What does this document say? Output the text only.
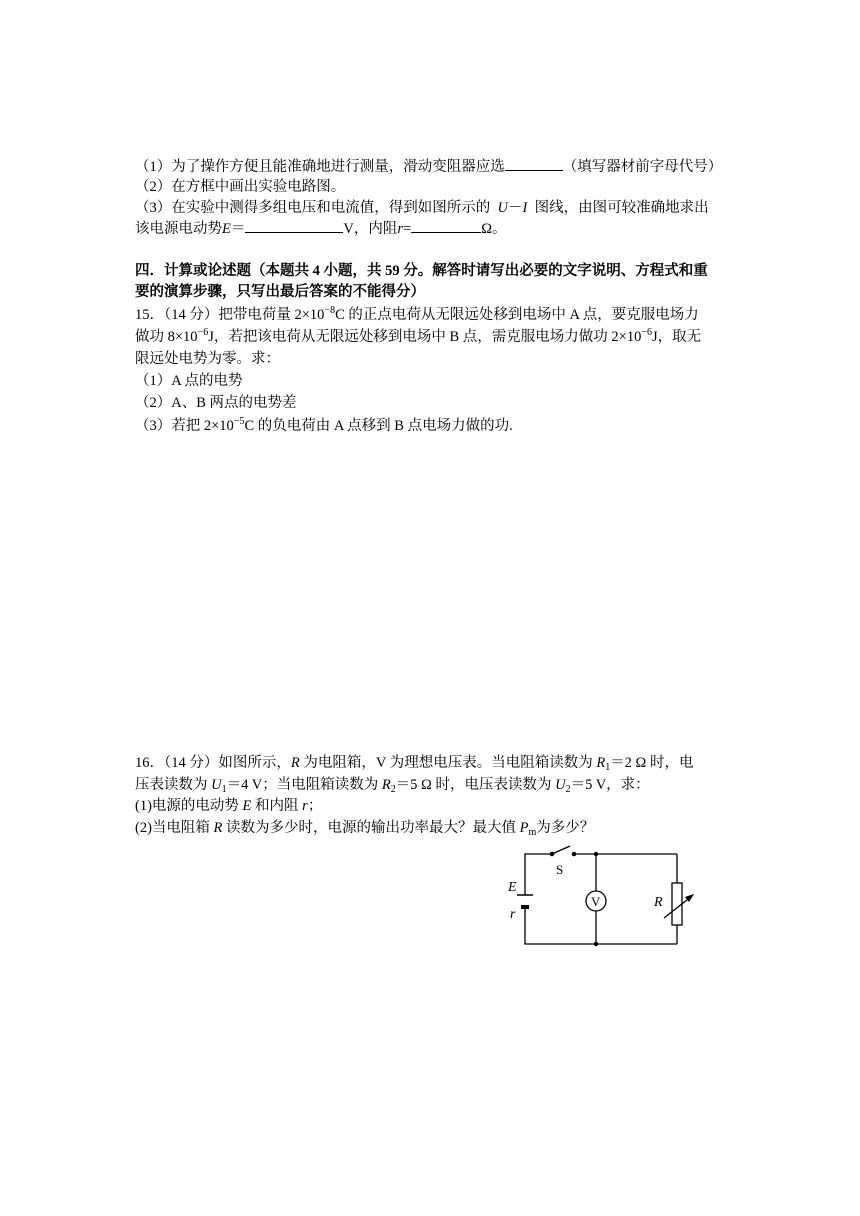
（1）为了操作方便且能准确地进行测量，滑动变阻器应选	（填写器材前字母代号）
（2）在方框中画出实验电路图。
（3）在实验中测得多组电压和电流值，得到如图所示的 U－I 图线，由图可较准确地求出
该电源电动势E＝	V，内阻r=	Ω。
四．计算或论述题（本题共 4 小题，共 59 分。解答时请写出必要的文字说明、方程式和重
要的演算步骤，只写出最后答案的不能得分）
15．（14 分）把带电荷量 $2\times 10^{-8}C$ 的正点电荷从无限远处移到电场中 A 点，要克服电场力
做功 $8\times 10^{-6}J$，若把该电荷从无限远处移到电场中 B 点，需克服电场力做功 $2\times 10^{-6}J$，取无
限远处电势为零。求：
（1）A 点的电势
（2）A、B 两点的电势差
（3）若把 $2\times 10^{-5}C$ 的负电荷由 A 点移到 B 点电场力做的功.
16．（14 分）如图所示，R 为电阻箱，V 为理想电压表。当电阻箱读数为 $R_1=2$ Ω 时，电
压表读数为 $U_1=4$ V；当电阻箱读数为 $R_2=5$ Ω 时，电压表读数为 $U_2=5$ V，求：
(1)电源的电动势 E 和内阻 r；
(2)当电阻箱 R 读数为多少时，电源的输出功率最大？最大值 $P_m$为多少？
E
r
S
V	R
